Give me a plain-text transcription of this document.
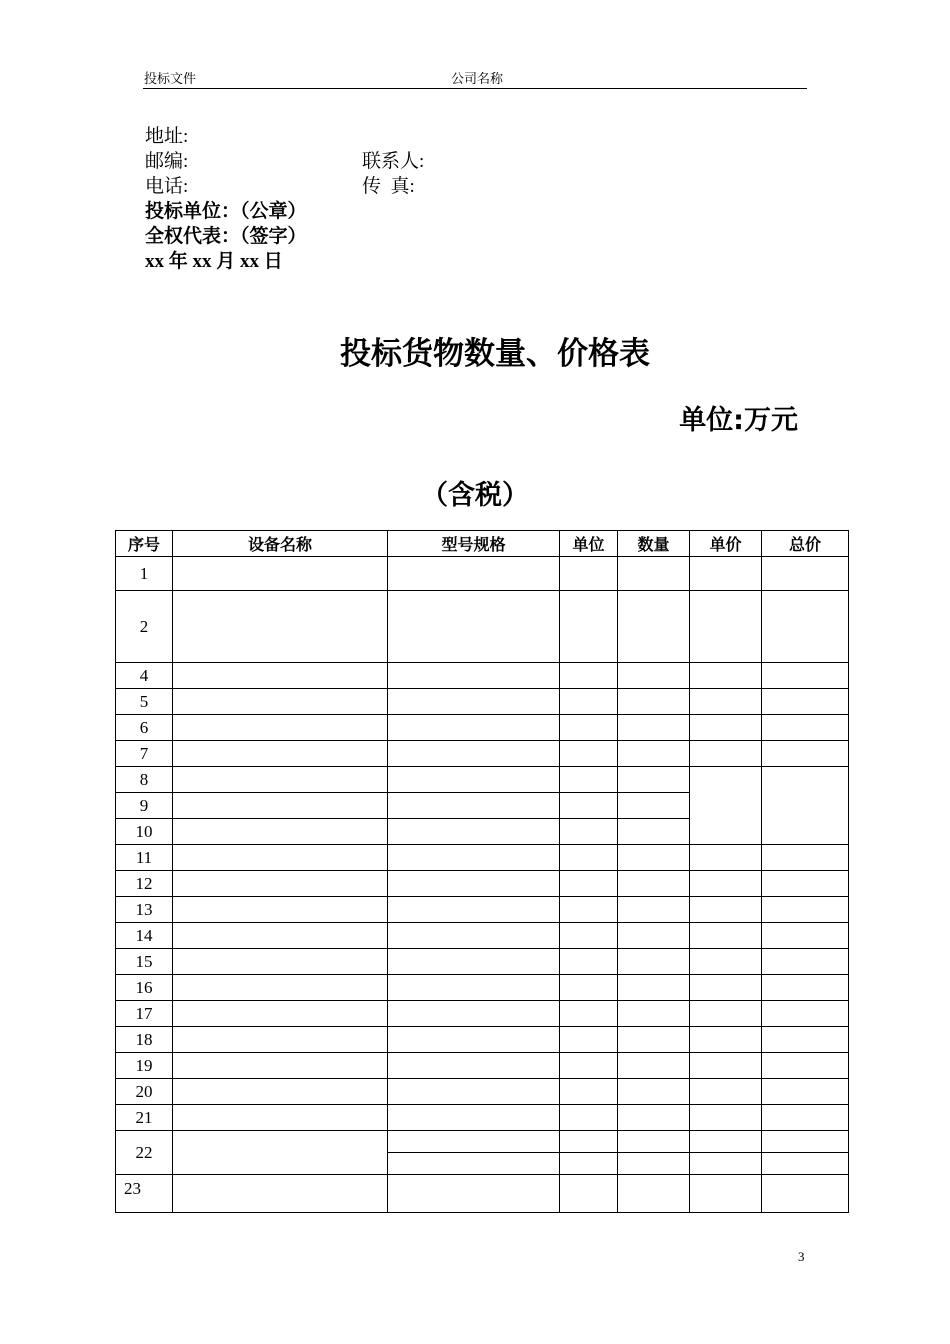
投标文件	公司名称
地址:
邮编:	联系人:
电话:	传  真:
投标单位：（公章）
全权代表：（签字）
xx 年 xx 月 xx 日
投标货物数量、价格表
单位:万元
（含税）
序号	设备名称	型号规格	单位	数量	单价	总价
1						
2						
4						
5						
6						
7						
8						
9						
10						
11						
12						
13						
14						
15						
16						
17						
18						
19						
20						
21						
22						

23						
3
